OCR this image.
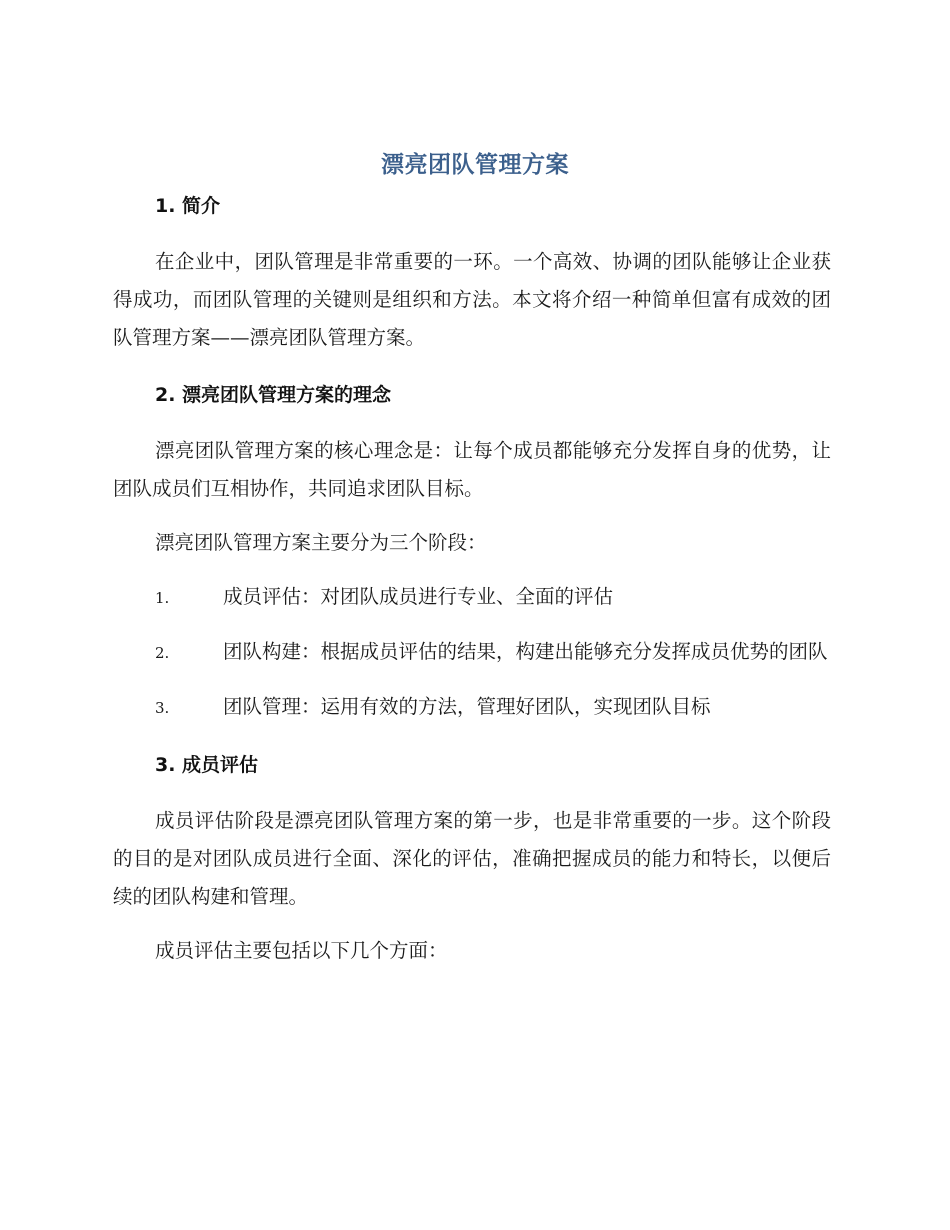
漂亮团队管理方案
1. 简介

在企业中，团队管理是非常重要的一环。一个高效、协调的团队能够让企业获得成功，而团队管理的关键则是组织和方法。本文将介绍一种简单但富有成效的团队管理方案——漂亮团队管理方案。

2. 漂亮团队管理方案的理念

漂亮团队管理方案的核心理念是：让每个成员都能够充分发挥自身的优势，让团队成员们互相协作，共同追求团队目标。

漂亮团队管理方案主要分为三个阶段：

1.	成员评估：对团队成员进行专业、全面的评估
2.	团队构建：根据成员评估的结果，构建出能够充分发挥成员优势的团队
3.	团队管理：运用有效的方法，管理好团队，实现团队目标
3. 成员评估

成员评估阶段是漂亮团队管理方案的第一步，也是非常重要的一步。这个阶段的目的是对团队成员进行全面、深化的评估，准确把握成员的能力和特长，以便后续的团队构建和管理。

成员评估主要包括以下几个方面：
